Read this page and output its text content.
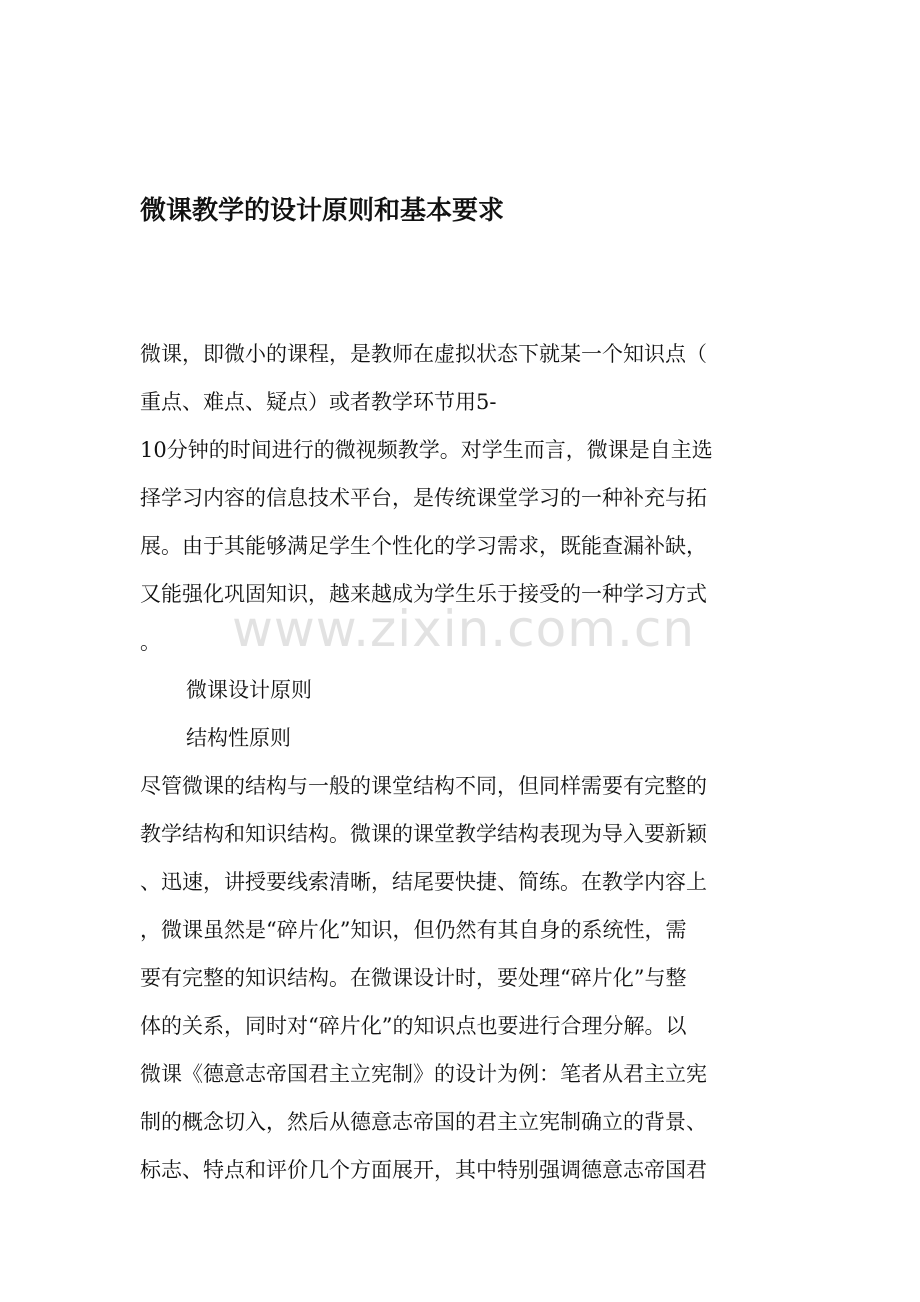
微课教学的设计原则和基本要求
微课，即微小的课程，是教师在虚拟状态下就某一个知识点（
重点、难点、疑点）或者教学环节用5-
10分钟的时间进行的微视频教学。对学生而言，微课是自主选
择学习内容的信息技术平台，是传统课堂学习的一种补充与拓
展。由于其能够满足学生个性化的学习需求，既能查漏补缺，
又能强化巩固知识，越来越成为学生乐于接受的一种学习方式
。
微课设计原则
结构性原则
尽管微课的结构与一般的课堂结构不同，但同样需要有完整的
教学结构和知识结构。微课的课堂教学结构表现为导入要新颖
、迅速，讲授要线索清晰，结尾要快捷、简练。在教学内容上
，微课虽然是“碎片化”知识，但仍然有其自身的系统性，需
要有完整的知识结构。在微课设计时，要处理“碎片化”与整
体的关系，同时对“碎片化”的知识点也要进行合理分解。以
微课《德意志帝国君主立宪制》的设计为例：笔者从君主立宪
制的概念切入，然后从德意志帝国的君主立宪制确立的背景、
标志、特点和评价几个方面展开，其中特别强调德意志帝国君
www.zixin.com.cn
